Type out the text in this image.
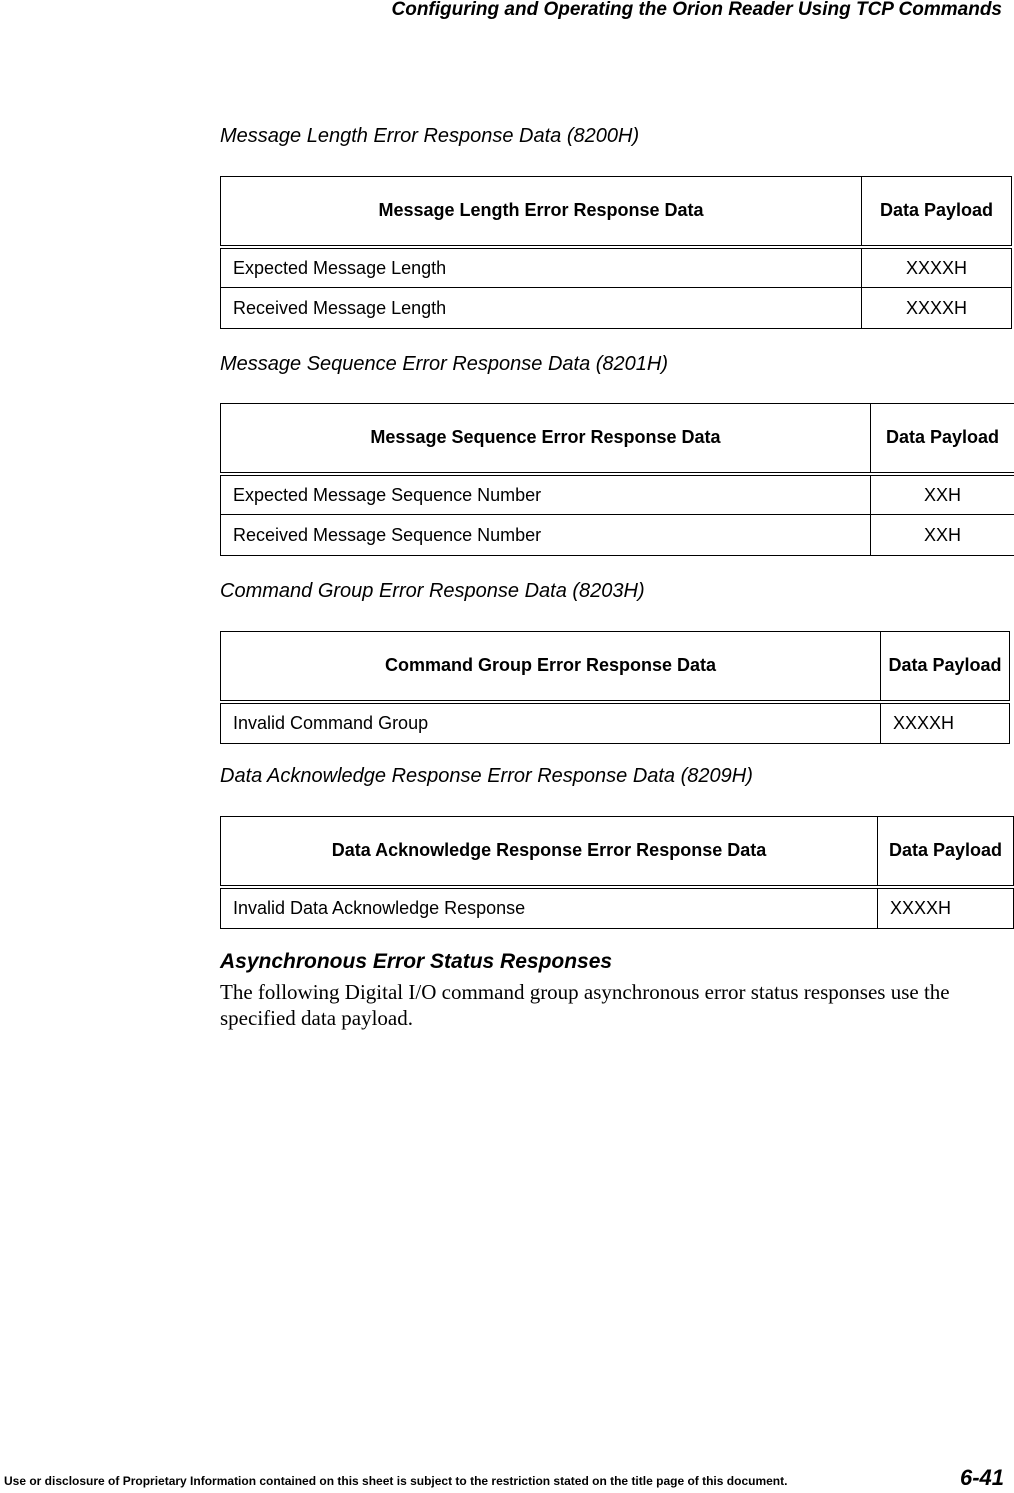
Configuring and Operating the Orion Reader Using TCP Commands
Message Length Error Response Data (8200H)
Message Length Error Response Data	Data Payload
Expected Message Length	XXXXH
Received Message Length	XXXXH
Message Sequence Error Response Data (8201H)
Message Sequence Error Response Data	Data Payload
Expected Message Sequence Number	XXH
Received Message Sequence Number	XXH
Command Group Error Response Data (8203H)
Command Group Error Response Data	Data Payload
Invalid Command Group	XXXXH
Data Acknowledge Response Error Response Data (8209H)
Data Acknowledge Response Error Response Data	Data Payload
Invalid Data Acknowledge Response	XXXXH
Asynchronous Error Status Responses
The following Digital I/O command group asynchronous error status responses use the specified data payload.
Use or disclosure of Proprietary Information contained on this sheet is subject to the restriction stated on the title page of this document.	6-41
